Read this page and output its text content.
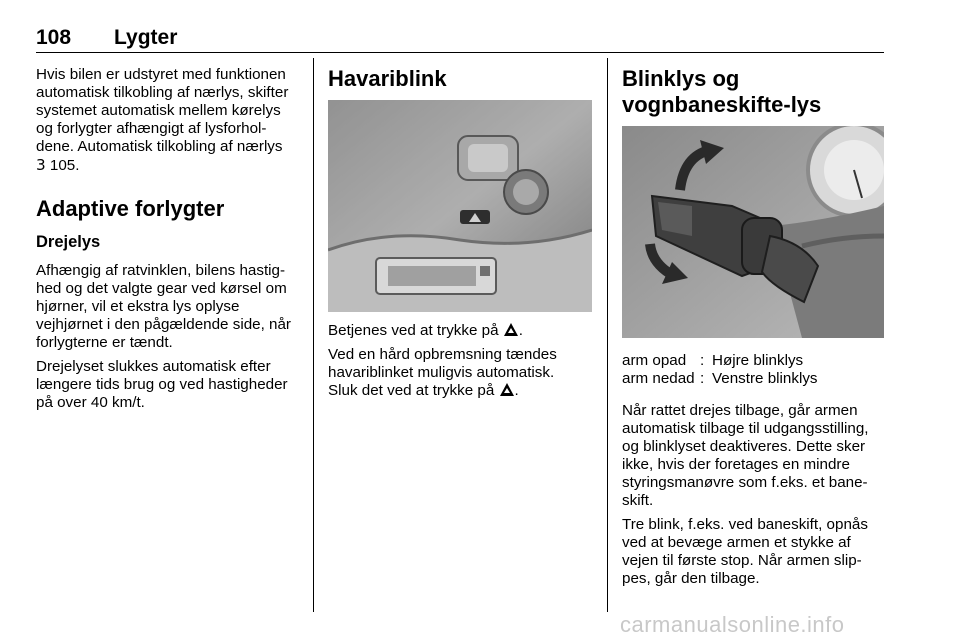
108 Lygter

Hvis bilen er udstyret med funktionen automatisk tilkobling af nærlys, skifter systemet automatisk mellem kørelys og forlygter afhængigt af lysforhol-dene. Automatisk tilkobling af nærlys
3 105.

Adaptive forlygter
Drejelys

Afhængig af ratvinklen, bilens hastig-hed og det valgte gear ved kørsel om hjørner, vil et ekstra lys oplyse vejhjørnet i den pågældende side, når forlygterne er tændt.

Drejelyset slukkes automatisk efter længere tids brug og ved hastigheder på over 40 km/t.

Havariblink

Betjenes ved at trykke på .

Ved en hård opbremsning tændes havariblinket muligvis automatisk.
Sluk det ved at trykke på .

Blinklys og vognbaneskifte-lys
arm opad : Højre blinklys
arm nedad : Venstre blinklys

Når rattet drejes tilbage, går armen automatisk tilbage til udgangsstilling, og blinklyset deaktiveres. Dette sker ikke, hvis der foretages en mindre styringsmanøvre som f.eks. et bane-skift.

Tre blink, f.eks. ved baneskift, opnås ved at bevæge armen et stykke af vejen til første stop. Når armen slip-pes, går den tilbage.

carmanualsonline.info
